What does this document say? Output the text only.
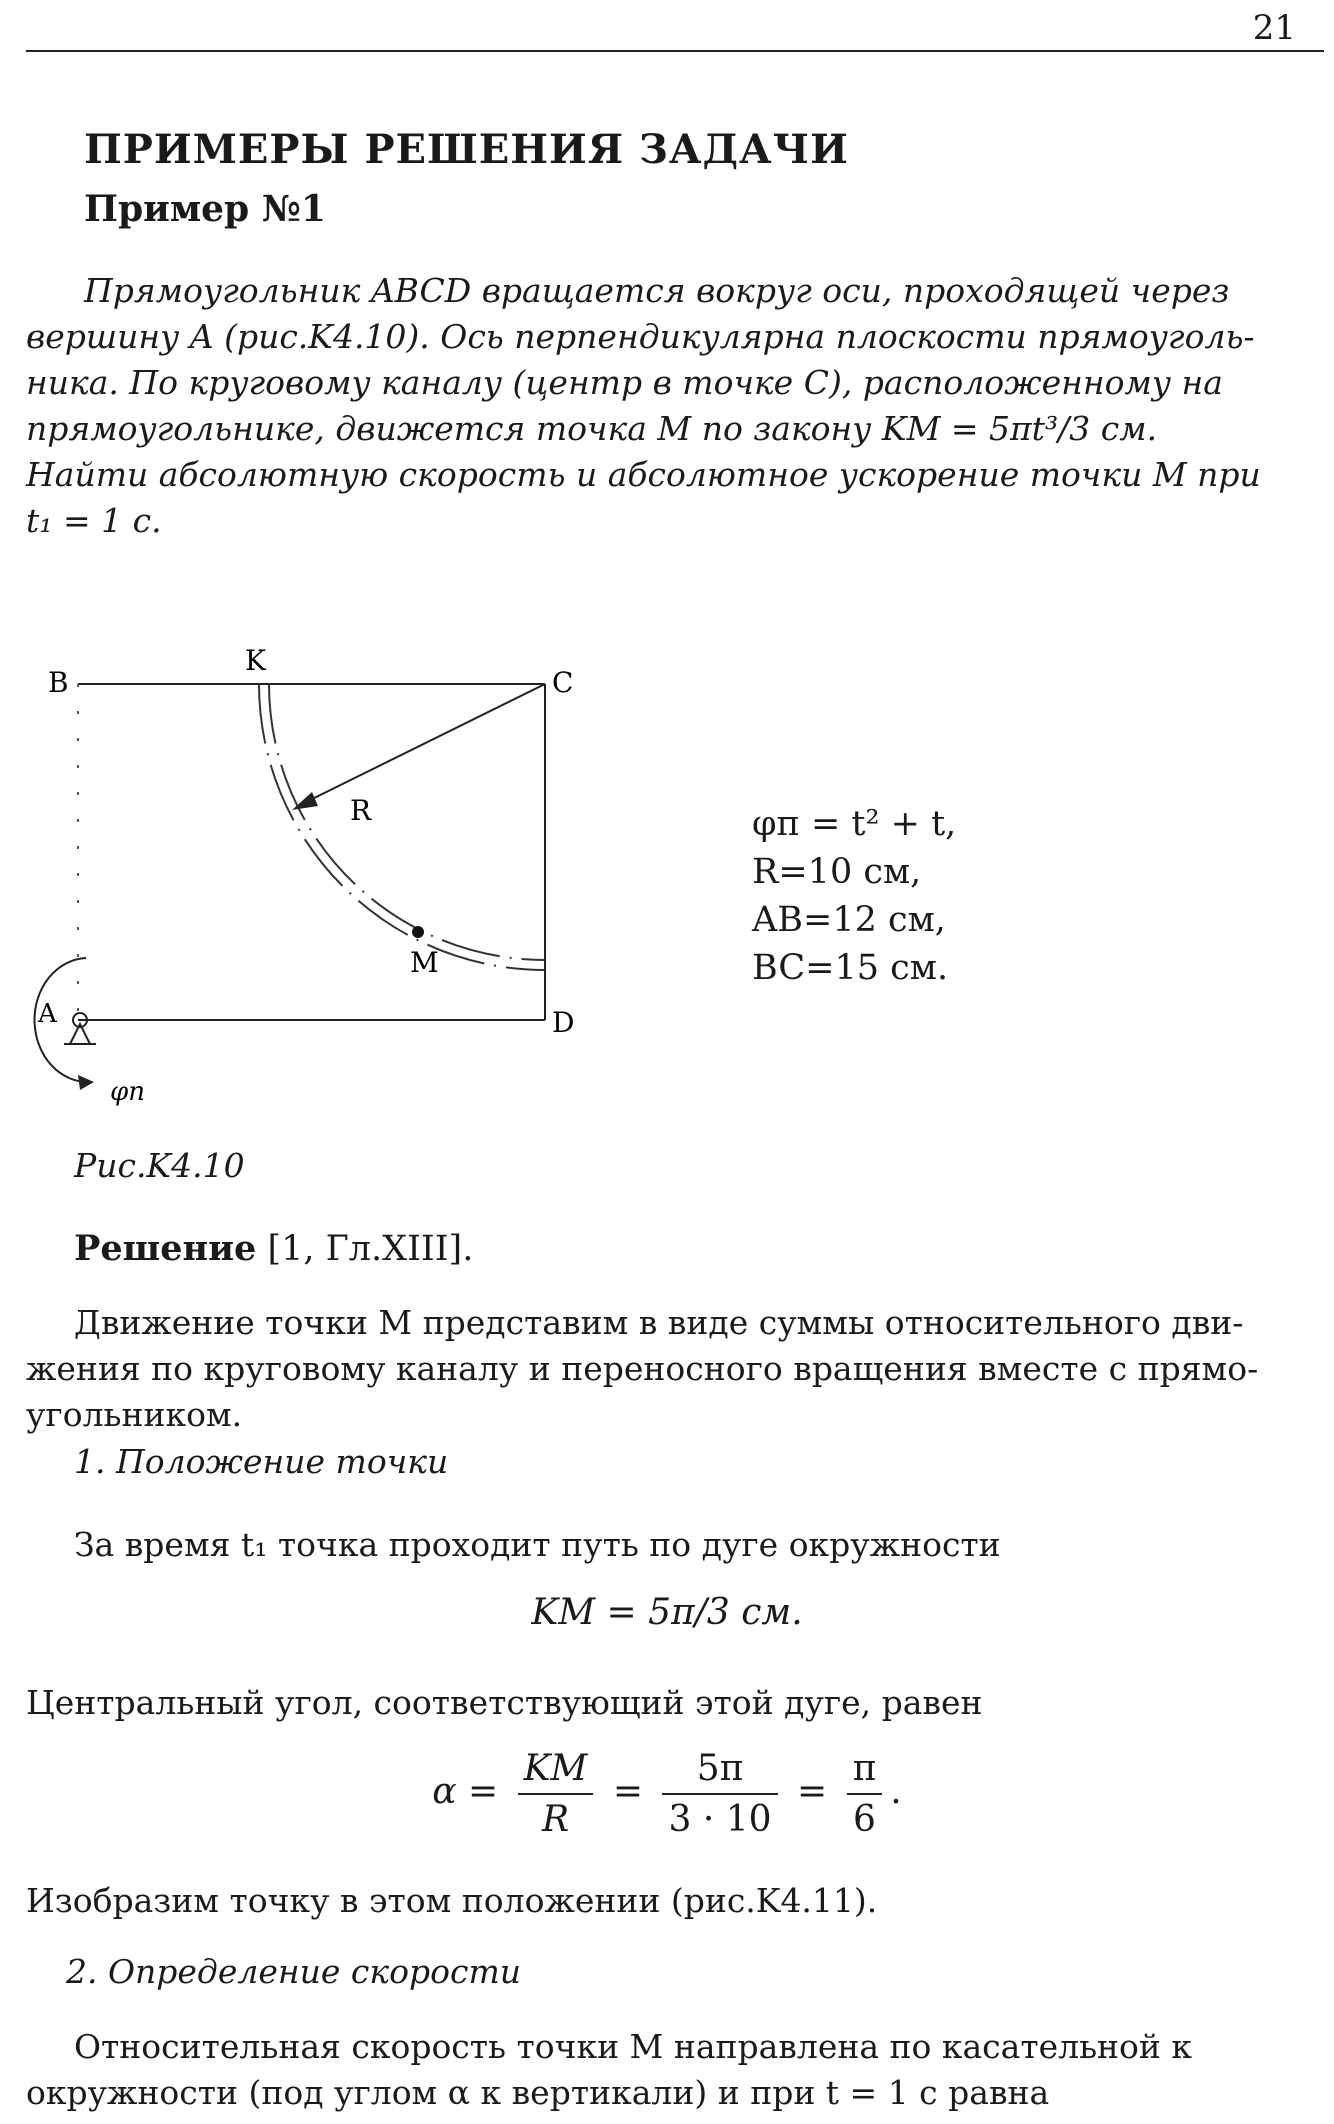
21
ПРИМЕРЫ РЕШЕНИЯ ЗАДАЧИ
Пример №1
Прямоугольник ABCD вращается вокруг оси, проходящей через
вершину A (рис.K4.10). Ось перпендикулярна плоскости прямоуголь-
ника. По круговому каналу (центр в точке C), расположенному на
прямоугольнике, движется точка M по закону KM = 5πt³/3 см.
Найти абсолютную скорость и абсолютное ускорение точки M при
t₁ = 1 с.
B
K
C
R
M
A	D
φп
φп = t² + t,
R=10 см,
AB=12 см,
BC=15 см.
Рис.K4.10
Решение [1, Гл.XIII].
Движение точки M представим в виде суммы относительного дви-
жения по круговому каналу и переносного вращения вместе с прямо-
угольником.
1. Положение точки
За время t₁ точка проходит путь по дуге окружности
KM = 5π/3 см.
Центральный угол, соответствующий этой дуге, равен
$\alpha = \frac{KM}{R} = \frac{5\pi}{3 \cdot 10} = \frac{\pi}{6}$ .
Изобразим точку в этом положении (рис.K4.11).
2. Определение скорости
Относительная скорость точки M направлена по касательной к
окружности (под углом α к вертикали) и при t = 1 с равна
